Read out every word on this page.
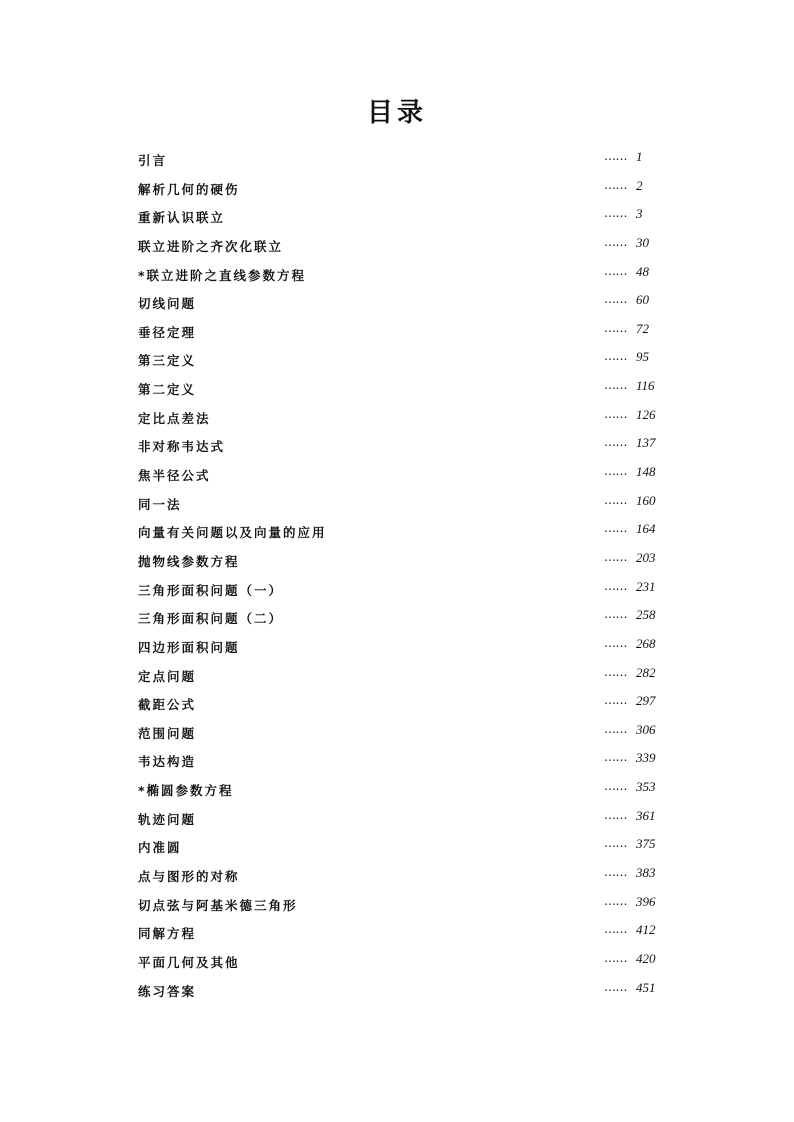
目录
引言	…… 1
解析几何的硬伤	…… 2
重新认识联立	…… 3
联立进阶之齐次化联立	…… 30
*联立进阶之直线参数方程	…… 48
切线问题	…… 60
垂径定理	…… 72
第三定义	…… 95
第二定义	…… 116
定比点差法	…… 126
非对称韦达式	…… 137
焦半径公式	…… 148
同一法	…… 160
向量有关问题以及向量的应用	…… 164
抛物线参数方程	…… 203
三角形面积问题（一）	…… 231
三角形面积问题（二）	…… 258
四边形面积问题	…… 268
定点问题	…… 282
截距公式	…… 297
范围问题	…… 306
韦达构造	…… 339
*椭圆参数方程	…… 353
轨迹问题	…… 361
内准圆	…… 375
点与图形的对称	…… 383
切点弦与阿基米德三角形	…… 396
同解方程	…… 412
平面几何及其他	…… 420
练习答案	…… 451
